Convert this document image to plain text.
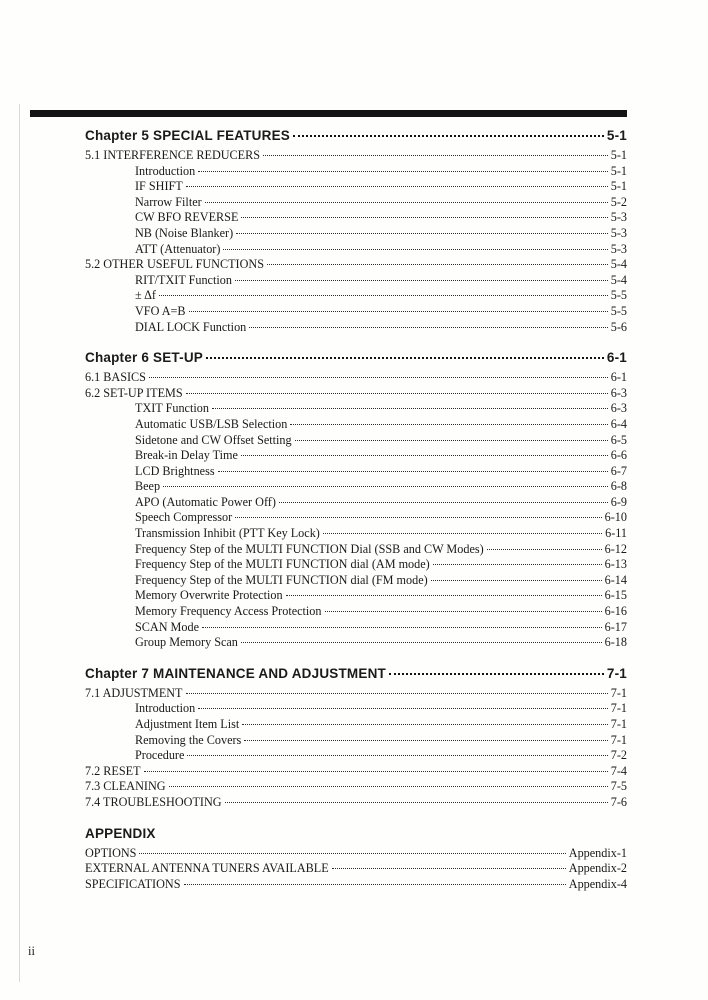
Chapter 5 SPECIAL FEATURES	5-1
5.1 INTERFERENCE REDUCERS	5-1
Introduction	5-1
IF SHIFT	5-1
Narrow Filter	5-2
CW BFO REVERSE	5-3
NB (Noise Blanker)	5-3
ATT (Attenuator)	5-3
5.2 OTHER USEFUL FUNCTIONS	5-4
RIT/TXIT Function	5-4
± Δf	5-5
VFO A=B	5-5
DIAL LOCK Function	5-6
Chapter 6 SET-UP	6-1
6.1 BASICS	6-1
6.2 SET-UP ITEMS	6-3
TXIT Function	6-3
Automatic USB/LSB Selection	6-4
Sidetone and CW Offset Setting	6-5
Break-in Delay Time	6-6
LCD Brightness	6-7
Beep	6-8
APO (Automatic Power Off)	6-9
Speech Compressor	6-10
Transmission Inhibit (PTT Key Lock)	6-11
Frequency Step of the MULTI FUNCTION Dial (SSB and CW Modes)	6-12
Frequency Step of the MULTI FUNCTION dial (AM mode)	6-13
Frequency Step of the MULTI FUNCTION dial (FM mode)	6-14
Memory Overwrite Protection	6-15
Memory Frequency Access Protection	6-16
SCAN Mode	6-17
Group Memory Scan	6-18
Chapter 7 MAINTENANCE AND ADJUSTMENT	7-1
7.1 ADJUSTMENT	7-1
Introduction	7-1
Adjustment Item List	7-1
Removing the Covers	7-1
Procedure	7-2
7.2 RESET	7-4
7.3 CLEANING	7-5
7.4 TROUBLESHOOTING	7-6
APPENDIX
OPTIONS	Appendix-1
EXTERNAL ANTENNA TUNERS AVAILABLE	Appendix-2
SPECIFICATIONS	Appendix-4
ii
